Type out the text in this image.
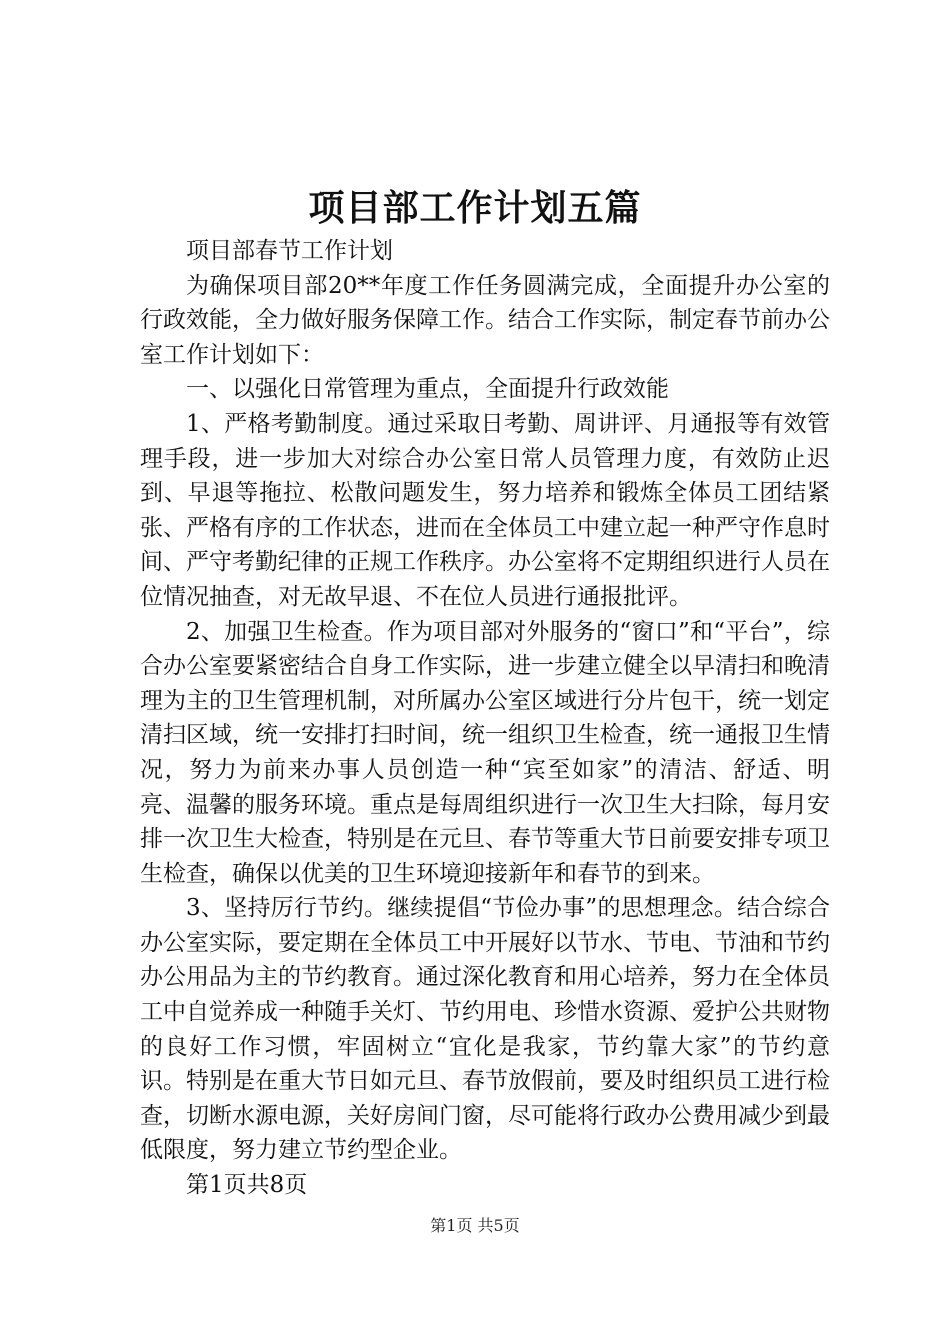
项目部工作计划五篇

项目部春节工作计划

为确保项目部20**年度工作任务圆满完成，全面提升办公室的行政效能，全力做好服务保障工作。结合工作实际，制定春节前办公室工作计划如下：

一、以强化日常管理为重点，全面提升行政效能

1、严格考勤制度。通过采取日考勤、周讲评、月通报等有效管理手段，进一步加大对综合办公室日常人员管理力度，有效防止迟到、早退等拖拉、松散问题发生，努力培养和锻炼全体员工团结紧张、严格有序的工作状态，进而在全体员工中建立起一种严守作息时间、严守考勤纪律的正规工作秩序。办公室将不定期组织进行人员在位情况抽查，对无故早退、不在位人员进行通报批评。

2、加强卫生检查。作为项目部对外服务的“窗口”和“平台”，综合办公室要紧密结合自身工作实际，进一步建立健全以早清扫和晚清理为主的卫生管理机制，对所属办公室区域进行分片包干，统一划定清扫区域，统一安排打扫时间，统一组织卫生检查，统一通报卫生情况，努力为前来办事人员创造一种“宾至如家”的清洁、舒适、明亮、温馨的服务环境。重点是每周组织进行一次卫生大扫除，每月安排一次卫生大检查，特别是在元旦、春节等重大节日前要安排专项卫生检查，确保以优美的卫生环境迎接新年和春节的到来。

3、坚持厉行节约。继续提倡“节俭办事”的思想理念。结合综合办公室实际，要定期在全体员工中开展好以节水、节电、节油和节约办公用品为主的节约教育。通过深化教育和用心培养，努力在全体员工中自觉养成一种随手关灯、节约用电、珍惜水资源、爱护公共财物的良好工作习惯，牢固树立“宜化是我家，节约靠大家”的节约意识。特别是在重大节日如元旦、春节放假前，要及时组织员工进行检查，切断水源电源，关好房间门窗，尽可能将行政办公费用减少到最低限度，努力建立节约型企业。

第1页共8页

第1页 共5页
